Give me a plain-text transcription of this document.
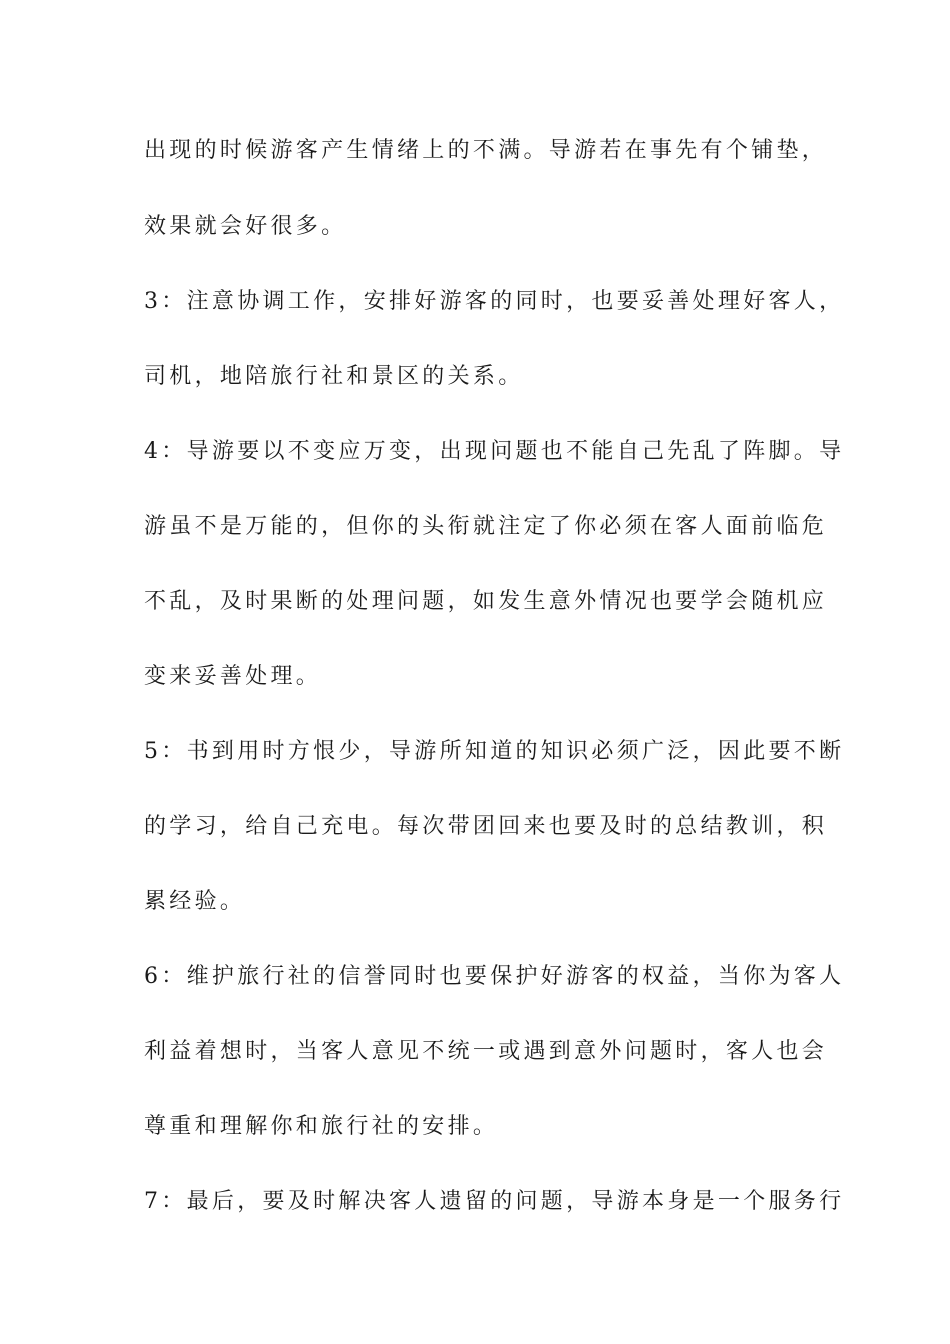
出现的时候游客产生情绪上的不满。导游若在事先有个铺垫，
效果就会好很多。
3：注意协调工作，安排好游客的同时，也要妥善处理好客人，
司机，地陪旅行社和景区的关系。
4：导游要以不变应万变，出现问题也不能自己先乱了阵脚。导
游虽不是万能的，但你的头衔就注定了你必须在客人面前临危
不乱，及时果断的处理问题，如发生意外情况也要学会随机应
变来妥善处理。
5：书到用时方恨少，导游所知道的知识必须广泛，因此要不断
的学习，给自己充电。每次带团回来也要及时的总结教训，积
累经验。
6：维护旅行社的信誉同时也要保护好游客的权益，当你为客人
利益着想时，当客人意见不统一或遇到意外问题时，客人也会
尊重和理解你和旅行社的安排。
7：最后，要及时解决客人遗留的问题，导游本身是一个服务行
